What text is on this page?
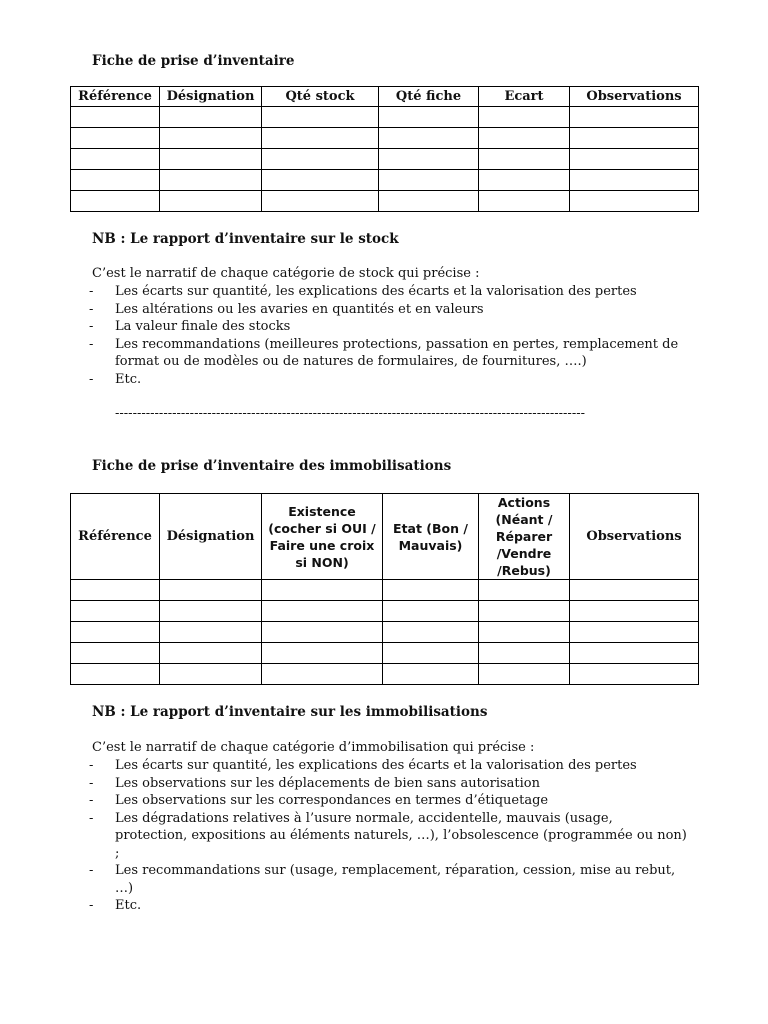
Fiche de prise d’inventaire
Référence	Désignation	Qté stock	Qté fiche	Ecart	Observations

NB : Le rapport d’inventaire sur le stock
C’est le narratif de chaque catégorie de stock qui précise :
- Les écarts sur quantité, les explications des écarts et la valorisation des pertes
- Les altérations ou les avaries en quantités et en valeurs
- La valeur finale des stocks
- Les recommandations (meilleures protections, passation en pertes, remplacement de format ou de modèles ou de natures de formulaires, de fournitures, ….)
- Etc.
-----------------------------------------------------------------------------------------------------------
Fiche de prise d’inventaire des immobilisations
Référence	Désignation	Existence (cocher si OUI / Faire une croix si NON)	Etat (Bon / Mauvais)	Actions (Néant / Réparer /Vendre /Rebus)	Observations

NB : Le rapport d’inventaire sur les immobilisations
C’est le narratif de chaque catégorie d’immobilisation qui précise :
- Les écarts sur quantité, les explications des écarts et la valorisation des pertes
- Les observations sur les déplacements de bien sans autorisation
- Les observations sur les correspondances en termes d’étiquetage
- Les dégradations relatives à l’usure normale, accidentelle, mauvais (usage, protection, expositions au éléments naturels, …), l’obsolescence (programmée ou non) ;
- Les recommandations sur (usage, remplacement, réparation, cession, mise au rebut, …)
- Etc.
